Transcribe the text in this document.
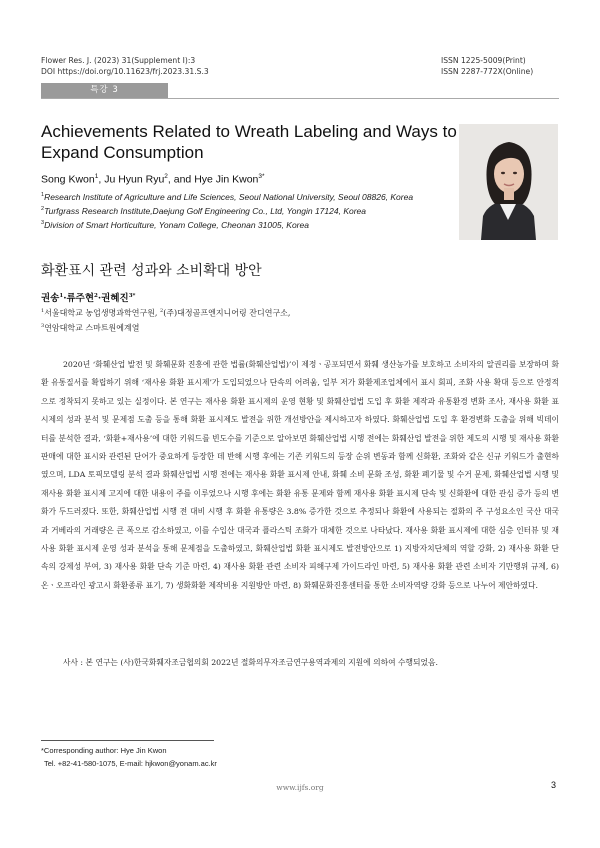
Flower Res. J. (2023) 31(Supplement I):3
DOI https://doi.org/10.11623/frj.2023.31.S.3
ISSN 1225-5009(Print)
ISSN 2287-772X(Online)
특강 3
Achievements Related to Wreath Labeling and Ways to Expand Consumption
Song Kwon$^1$, Ju Hyun Ryu$^2$, and Hye Jin Kwon$^{3*}$
$^1$Research Institute of Agriculture and Life Sciences, Seoul National University, Seoul 08826, Korea
$^2$Turfgrass Research Institute,Daejung Golf Engineering Co., Ltd, Yongin 17124, Korea
$^3$Division of Smart Horticulture, Yonam College, Cheonan 31005, Korea
화환표시 관련 성과와 소비확대 방안
권송$^1$·류주현$^2$·권혜진$^{3*}$
$^1$서울대학교 농업생명과학연구원, $^2$(주)대정골프엔지니어링 잔디연구소,
$^3$연암대학교 스마트원예계열
2020년 ‘화훼산업 발전 및 화훼문화 진흥에 관한 법률(화훼산업법)’이 제정ㆍ공포되면서 화훼 생산농가를 보호하고 소비자의 알권리를 보장하며 화환 유통질서를 확립하기 위해 ‘재사용 화환 표시제’가 도입되었으나 단속의 어려움, 일부 저가 화환제조업체에서 표시 회피, 조화 사용 확대 등으로 안정적으로 정착되지 못하고 있는 실정이다. 본 연구는 재사용 화환 표시제의 운영 현황 및 화훼산업법 도입 후 화환 제작과 유통환경 변화 조사, 재사용 화환 표시제의 성과 분석 및 문제점 도출 등을 통해 화환 표시제도 발전을 위한 개선방안을 제시하고자 하였다. 화훼산업법 도입 후 환경변화 도출을 위해 빅데이터를 분석한 결과, ‘화환+재사용’에 대한 키워드를 빈도수를 기준으로 알아보면 화훼산업법 시행 전에는 화훼산업 발전을 위한 제도의 시행 및 재사용 화환 판매에 대한 표시와 관련된 단어가 중요하게 등장한 데 반해 시행 후에는 기존 키워드의 등장 순위 변동과 함께 신화환, 조화와 같은 신규 키워드가 출현하였으며, LDA 토픽모델링 분석 결과 화훼산업법 시행 전에는 재사용 화환 표시제 안내, 화훼 소비 문화 조성, 화환 폐기물 및 수거 문제, 화훼산업법 시행 및 재사용 화환 표시제 고지에 대한 내용이 주를 이루었으나 시행 후에는 화환 유통 문제와 함께 재사용 화환 표시제 단속 및 신화환에 대한 관심 증가 등의 변화가 두드러졌다. 또한, 화훼산업법 시행 전 대비 시행 후 화환 유통량은 3.8% 증가한 것으로 추정되나 화환에 사용되는 절화의 주 구성요소인 국산 대국과 거베라의 거래량은 큰 폭으로 감소하였고, 이를 수입산 대국과 플라스틱 조화가 대체한 것으로 나타났다. 재사용 화환 표시제에 대한 심층 인터뷰 및 재사용 화환 표시제 운영 성과 분석을 통해 문제점을 도출하였고, 화훼산업법 화환 표시제도 발전방안으로 1) 지방자치단체의 역할 강화, 2) 재사용 화환 단속의 강제성 부여, 3) 재사용 화환 단속 기준 마련, 4) 재사용 화환 관련 소비자 피해구제 가이드라인 마련, 5) 재사용 화환 관련 소비자 기만행위 규제, 6) 온ㆍ오프라인 광고시 화환종류 표기, 7) 생화화환 제작비용 지원방안 마련, 8) 화훼문화진흥센터를 통한 소비자역량 강화 등으로 나누어 제안하였다.
사사 : 본 연구는 (사)한국화훼자조금협의회 2022년 절화의무자조금연구용역과제의 지원에 의하여 수행되었음.
*Corresponding author: Hye Jin Kwon
Tel. +82-41-580-1075, E-mail: hjkwon@yonam.ac.kr
www.ijfs.org	3
